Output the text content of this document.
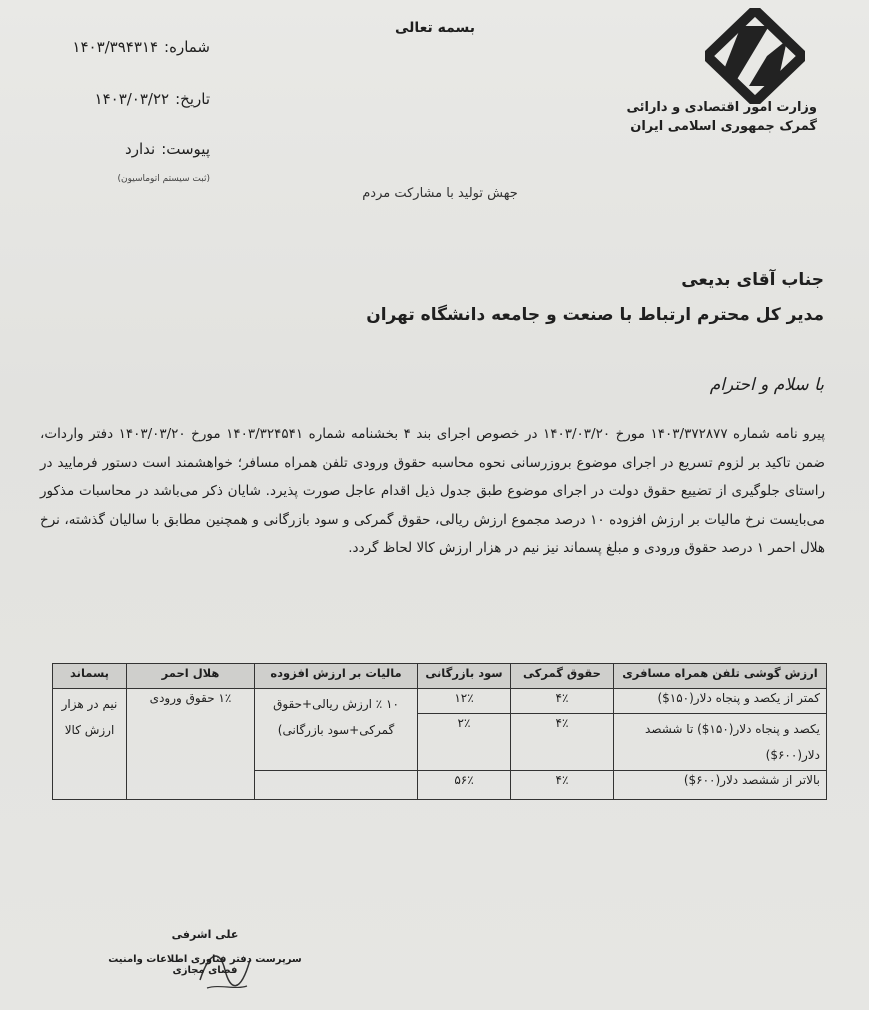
بسمه تعالی
وزارت امور اقتصادی و دارائی
گمرک جمهوری اسلامی ایران
شماره:۱۴۰۳/۳۹۴۳۱۴
تاریخ:۱۴۰۳/۰۳/۲۲
پیوست:ندارد
(ثبت سیستم اتوماسیون)
جهش تولید با مشارکت مردم
جناب آقای بدیعی
مدیر کل محترم ارتباط با صنعت و جامعه دانشگاه تهران
با سلام و احترام
پیرو نامه شماره ۱۴۰۳/۳۷۲۸۷۷ مورخ ۱۴۰۳/۰۳/۲۰ در خصوص اجرای بند ۴ بخشنامه شماره ۱۴۰۳/۳۲۴۵۴۱ مورخ ۱۴۰۳/۰۳/۲۰ دفتر واردات، ضمن تاکید بر لزوم تسریع در اجرای موضوع بروزرسانی نحوه محاسبه حقوق ورودی تلفن همراه مسافر؛ خواهشمند است دستور فرمایید در راستای جلوگیری از تضییع حقوق دولت در اجرای موضوع طبق جدول ذیل اقدام عاجل صورت پذیرد. شایان ذکر می‌باشد در محاسبات مذکور می‌بایست نرخ مالیات بر ارزش افزوده ۱۰ درصد مجموع ارزش ریالی، حقوق گمرکی و سود بازرگانی و همچنین مطابق با سالیان گذشته، نرخ هلال احمر ۱ درصد حقوق ورودی و مبلغ پسماند نیز نیم در هزار ارزش کالا لحاظ گردد.
ارزش گوشی تلفن همراه مسافری	حقوق گمرکی	سود بازرگانی	مالیات بر ارزش افزوده	هلال احمر	پسماند
کمتر از یکصد و پنجاه دلار(۱۵۰$)	۴٪	۱۲٪	۱۰ ٪ ارزش ریالی+حقوق گمرکی+سود بازرگانی)	۱٪ حقوق ورودی	نیم در هزار ارزش کالا
یکصد و پنجاه دلار(۱۵۰$) تا ششصد دلار(۶۰۰$)	۴٪	۲٪			
بالاتر از ششصد دلار(۶۰۰$)	۴٪	۵۶٪			
علی اشرفی
سرپرست دفتر فناوری اطلاعات وامنیت فضای مجازی
